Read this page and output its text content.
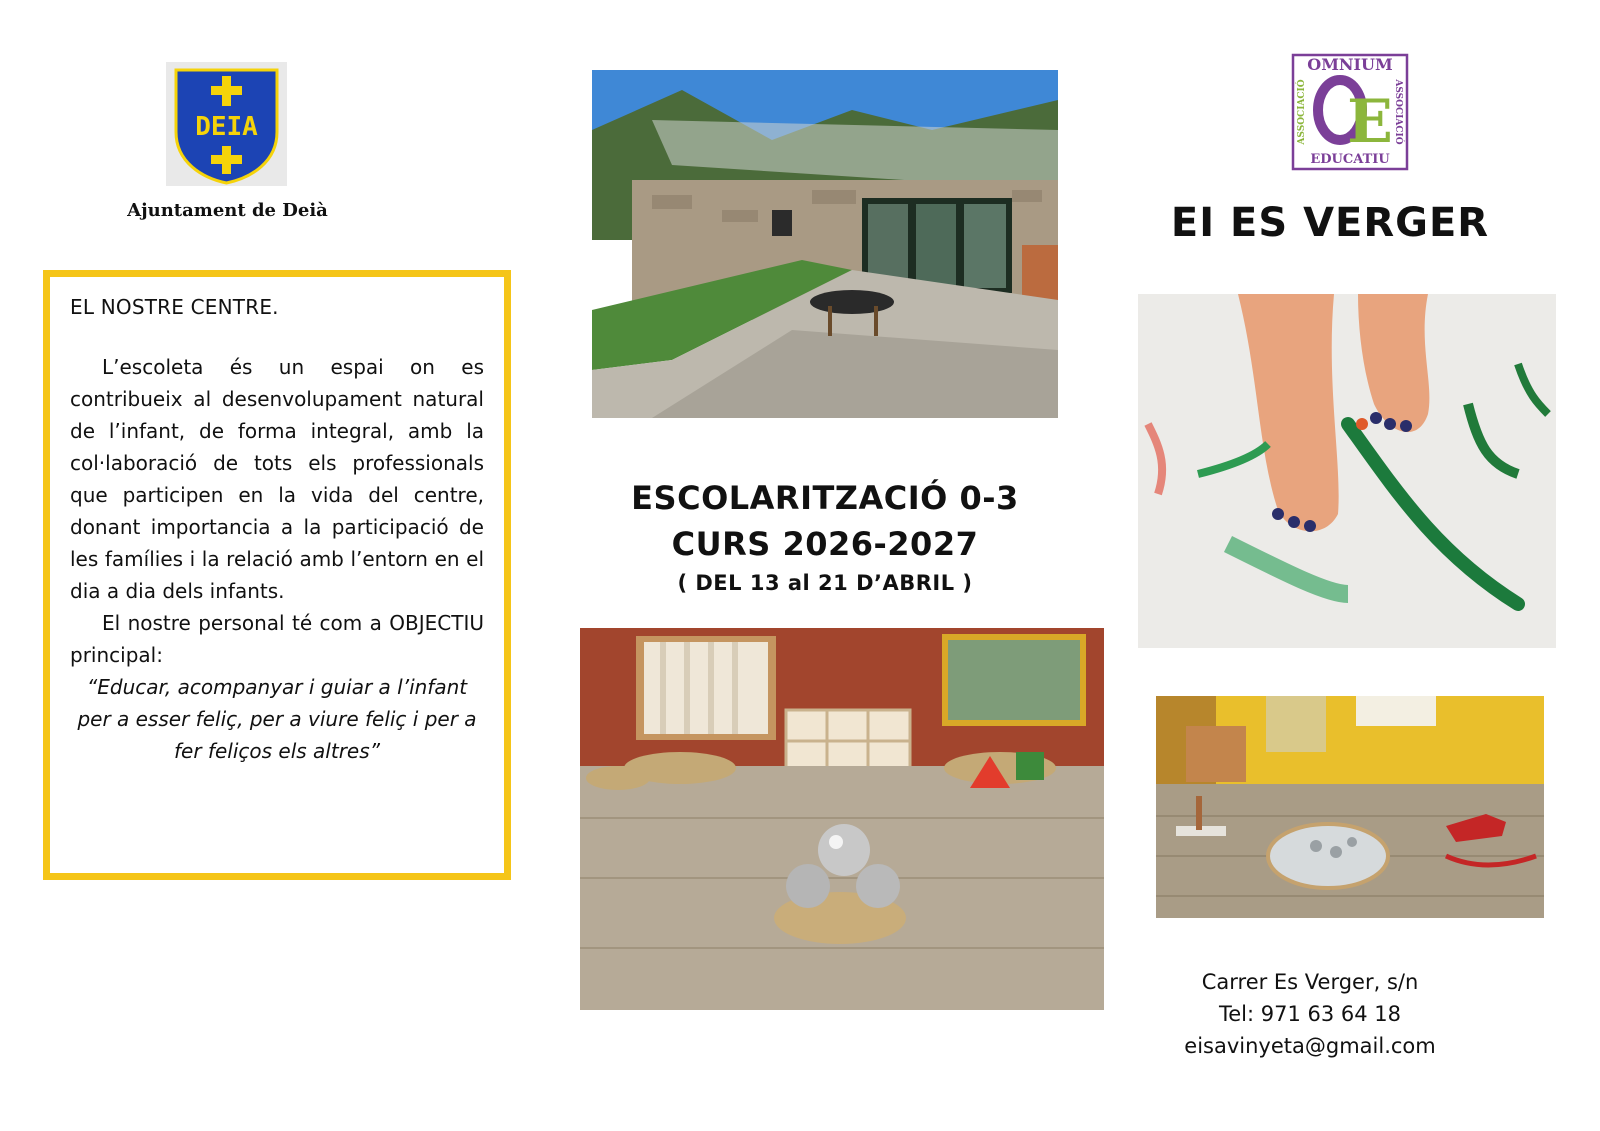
DEIA
Ajuntament de Deià
EL NOSTRE CENTRE.
L’escoleta és un espai on es contribueix al desenvolupament natural de l’infant, de forma integral, amb la col·laboració de tots els professionals que participen en la vida del centre, donant importancia a la participació de les famílies i la relació amb l’entorn en el dia a dia dels infants.
El nostre personal té com a OBJECTIU principal:
“Educar, acompanyar i guiar a l’infant per a esser feliç, per a viure feliç i per a fer feliços els altres”
ESCOLARITZACIÓ 0-3
CURS 2026-2027
( DEL 13 al 21 D’ABRIL )
OMNIUM
EDUCATIU
ASSOCIACIÓ	ASSOCIACIÓ
E
EI ES VERGER
Carrer Es Verger, s/n
Tel: 971 63 64 18
eisavinyeta@gmail.com
